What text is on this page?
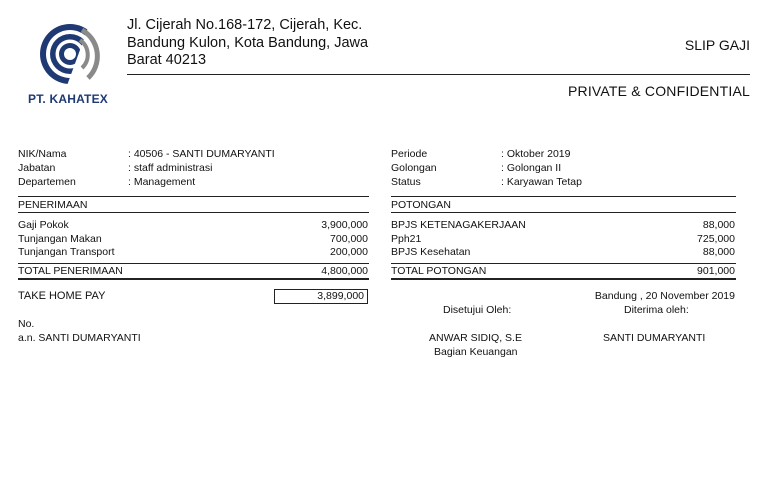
PT. KAHATEX
Jl. Cijerah No.168-172, Cijerah, Kec. Bandung Kulon, Kota Bandung, Jawa Barat 40213
SLIP GAJI
PRIVATE & CONFIDENTIAL
NIK/Nama	: 40506 - SANTI DUMARYANTI
Jabatan	: staff administrasi
Departemen	: Management
Periode	: Oktober 2019
Golongan	: Golongan II
Status	: Karyawan Tetap
PENERIMAAN
Gaji Pokok	3,900,000
Tunjangan Makan	700,000
Tunjangan Transport	200,000
TOTAL PENERIMAAN	4,800,000
POTONGAN
BPJS KETENAGAKERJAAN	88,000
Pph21	725,000
BPJS Kesehatan	88,000
TOTAL POTONGAN	901,000
TAKE HOME PAY	3,899,000
Disetujui Oleh:
Bandung , 20 November 2019
Diterima oleh:
No.
a.n. SANTI DUMARYANTI	ANWAR SIDIQ, S.E
Bagian Keuangan
SANTI DUMARYANTI
